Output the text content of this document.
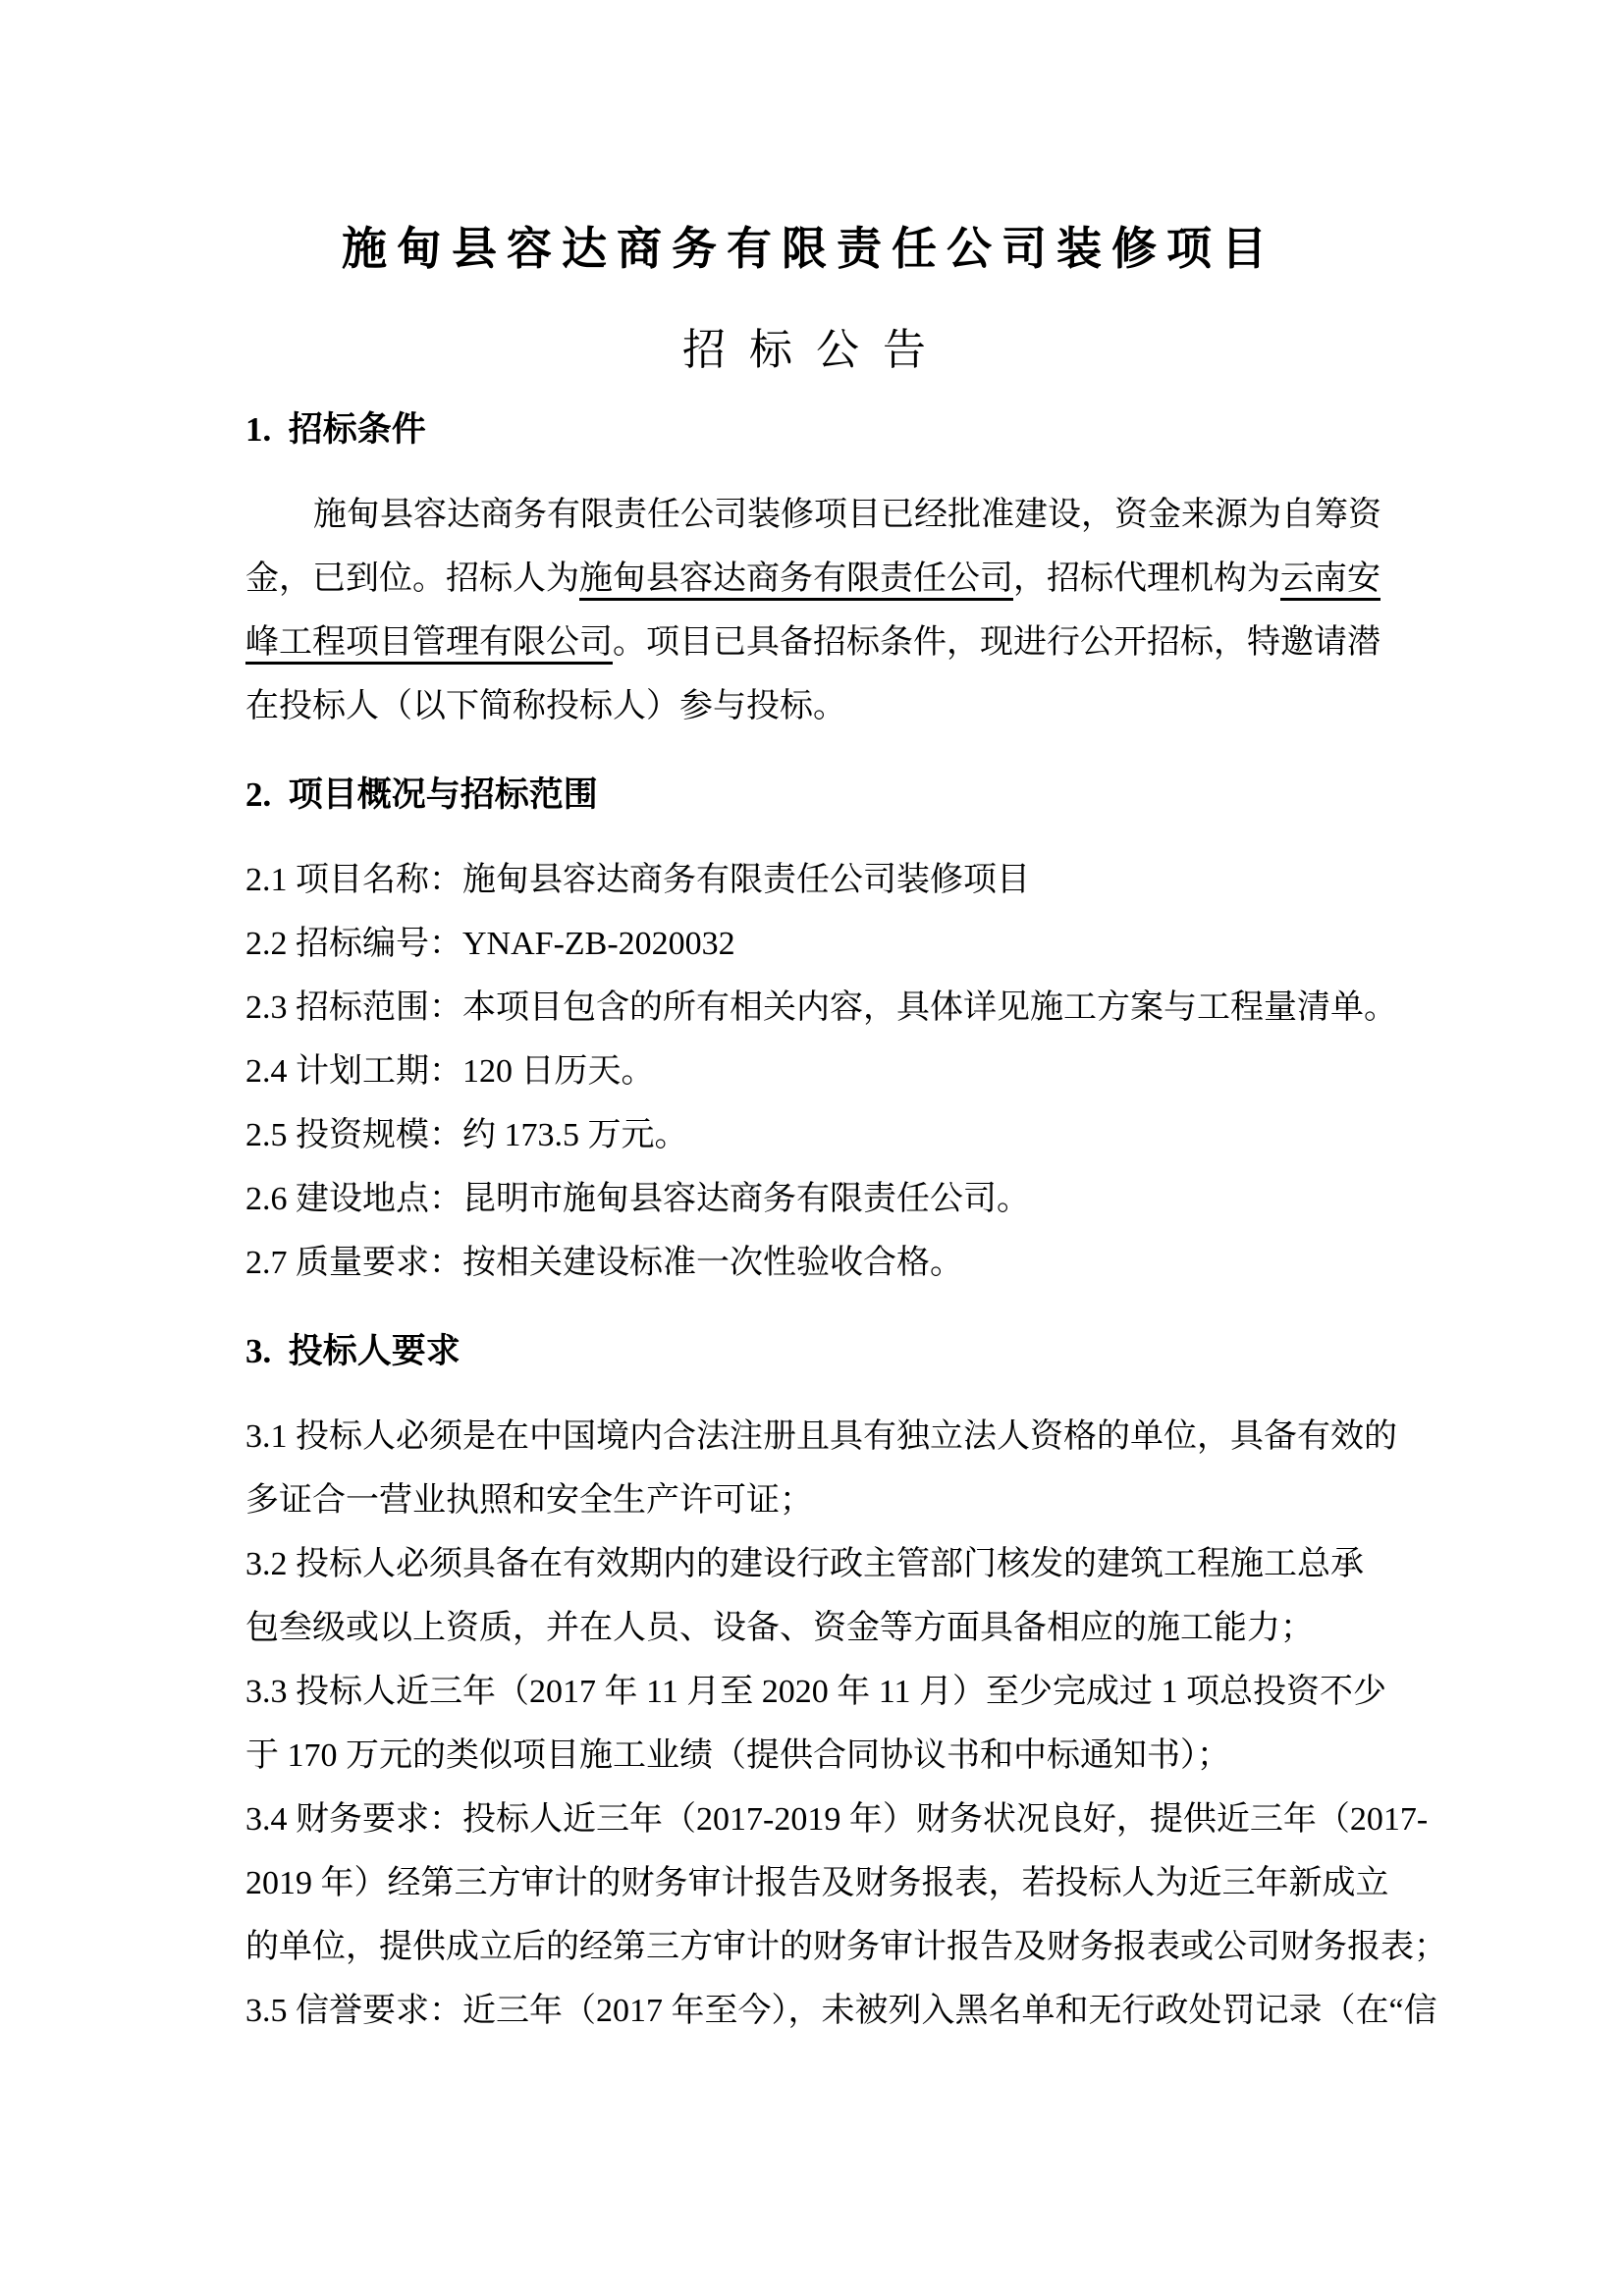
施甸县容达商务有限责任公司装修项目
招标公告
1.  招标条件
施甸县容达商务有限责任公司装修项目已经批准建设，资金来源为自筹资
金，已到位。招标人为施甸县容达商务有限责任公司，招标代理机构为云南安
峰工程项目管理有限公司。项目已具备招标条件，现进行公开招标，特邀请潜
在投标人（以下简称投标人）参与投标。
2.  项目概况与招标范围
2.1 项目名称：施甸县容达商务有限责任公司装修项目
2.2 招标编号：YNAF-ZB-2020032
2.3 招标范围：本项目包含的所有相关内容，具体详见施工方案与工程量清单。
2.4 计划工期：120 日历天。
2.5 投资规模：约 173.5 万元。
2.6 建设地点：昆明市施甸县容达商务有限责任公司。
2.7 质量要求：按相关建设标准一次性验收合格。
3.  投标人要求
3.1 投标人必须是在中国境内合法注册且具有独立法人资格的单位，具备有效的
多证合一营业执照和安全生产许可证；
3.2 投标人必须具备在有效期内的建设行政主管部门核发的建筑工程施工总承
包叁级或以上资质，并在人员、设备、资金等方面具备相应的施工能力；
3.3 投标人近三年（2017 年 11 月至 2020 年 11 月）至少完成过 1 项总投资不少
于 170 万元的类似项目施工业绩（提供合同协议书和中标通知书）；
3.4 财务要求：投标人近三年（2017-2019 年）财务状况良好，提供近三年（2017-
2019 年）经第三方审计的财务审计报告及财务报表，若投标人为近三年新成立
的单位，提供成立后的经第三方审计的财务审计报告及财务报表或公司财务报表；
3.5 信誉要求：近三年（2017 年至今），未被列入黑名单和无行政处罚记录（在“信
